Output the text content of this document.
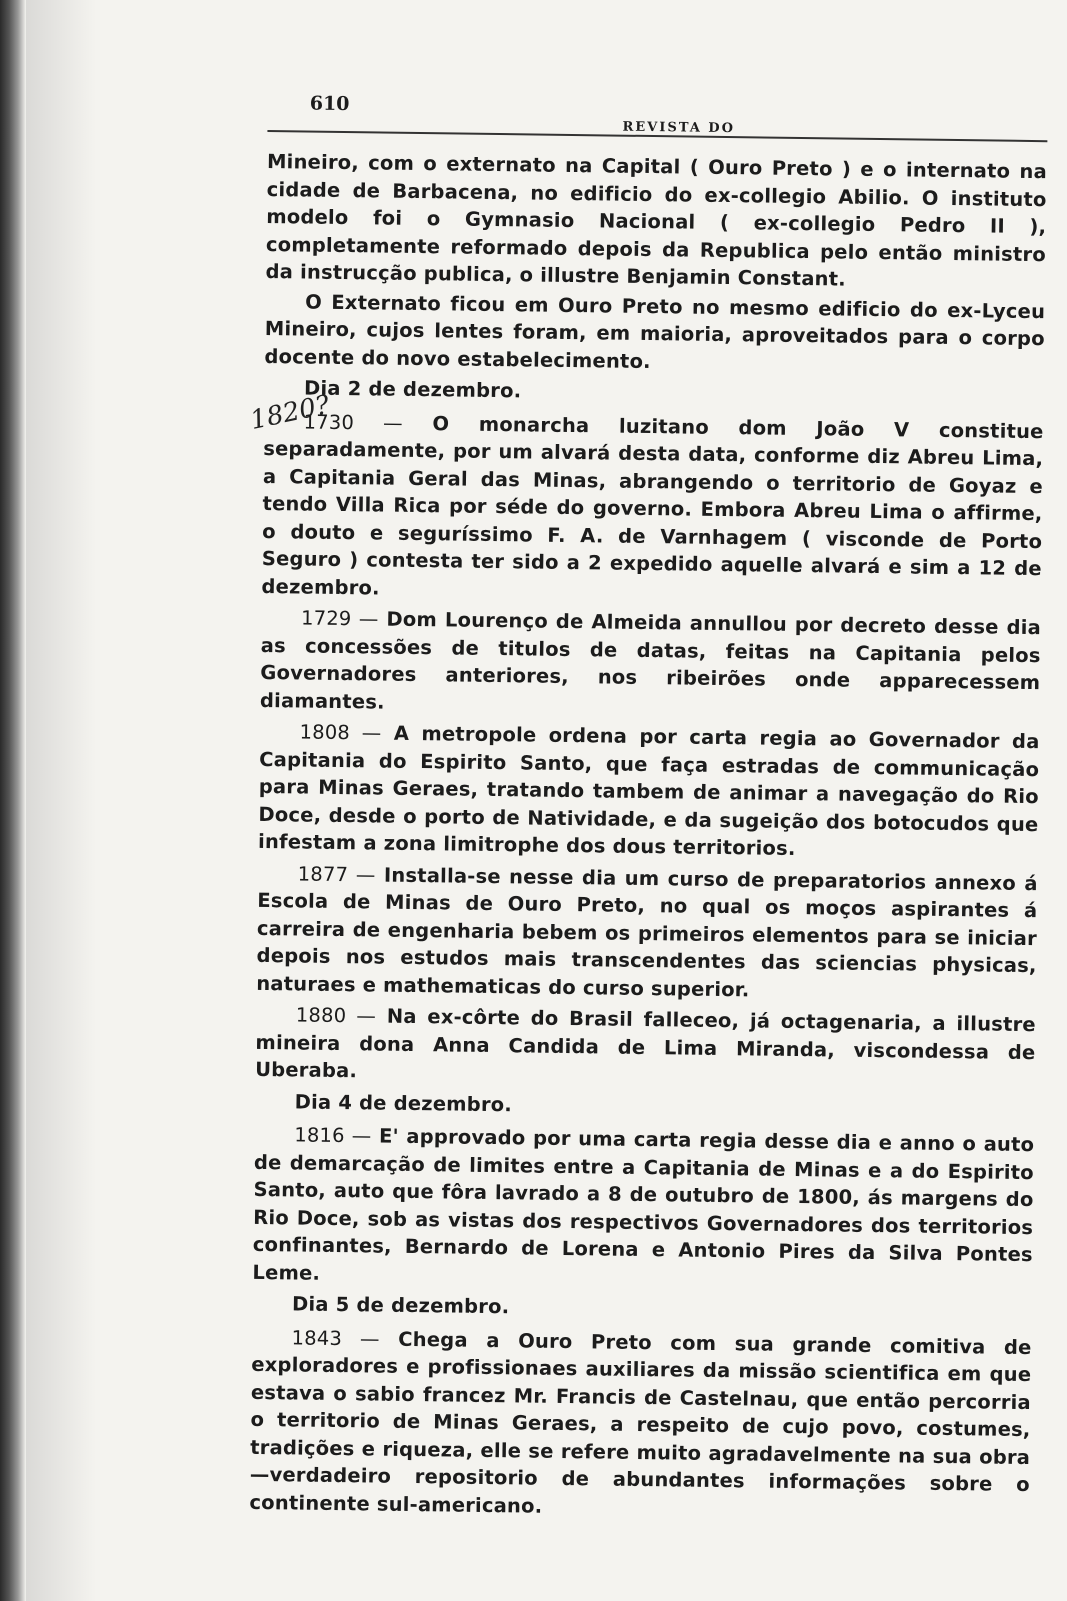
1820?
610
REVISTA DO

Mineiro, com o externato na Capital ( Ouro Preto ) e o internato na cidade de Barbacena, no edificio do ex-collegio Abilio. O instituto modelo foi o Gymnasio Nacional ( ex-collegio Pedro II ), completamente reformado depois da Republica pelo então ministro da instrucção publica, o illustre Benjamin Constant.

O Externato ficou em Ouro Preto no mesmo edificio do ex-Lyceu Mineiro, cujos lentes foram, em maioria, aproveitados para o corpo docente do novo estabelecimento.

Dia 2 de dezembro.

1730 — O monarcha luzitano dom João V constitue separadamente, por um alvará desta data, conforme diz Abreu Lima, a Capitania Geral das Minas, abrangendo o territorio de Goyaz e tendo Villa Rica por séde do governo. Embora Abreu Lima o affirme, o douto e seguríssimo F. A. de Varnhagem ( visconde de Porto Seguro ) contesta ter sido a 2 expedido aquelle alvará e sim a 12 de dezembro.

1729 — Dom Lourenço de Almeida annullou por decreto desse dia as concessões de titulos de datas, feitas na Capitania pelos Governadores anteriores, nos ribeirões onde apparecessem diamantes.

1808 — A metropole ordena por carta regia ao Governador da Capitania do Espirito Santo, que faça estradas de communicação para Minas Geraes, tratando tambem de animar a navegação do Rio Doce, desde o porto de Natividade, e da sugeição dos botocudos que infestam a zona limitrophe dos dous territorios.

1877 — Installa-se nesse dia um curso de preparatorios annexo á Escola de Minas de Ouro Preto, no qual os moços aspirantes á carreira de engenharia bebem os primeiros elementos para se iniciar depois nos estudos mais transcendentes das sciencias physicas, naturaes e mathematicas do curso superior.

1880 — Na ex-côrte do Brasil falleceo, já octagenaria, a illustre mineira dona Anna Candida de Lima Miranda, viscondessa de Uberaba.

Dia 4 de dezembro.

1816 — E' approvado por uma carta regia desse dia e anno o auto de demarcação de limites entre a Capitania de Minas e a do Espirito Santo, auto que fôra lavrado a 8 de outubro de 1800, ás margens do Rio Doce, sob as vistas dos respectivos Governadores dos territorios confinantes, Bernardo de Lorena e Antonio Pires da Silva Pontes Leme.

Dia 5 de dezembro.

1843 — Chega a Ouro Preto com sua grande comitiva de exploradores e profissionaes auxiliares da missão scientifica em que estava o sabio francez Mr. Francis de Castelnau, que então percorria o territorio de Minas Geraes, a respeito de cujo povo, costumes, tradições e riqueza, elle se refere muito agradavelmente na sua obra—verdadeiro repositorio de abundantes informações sobre o continente sul-americano.
